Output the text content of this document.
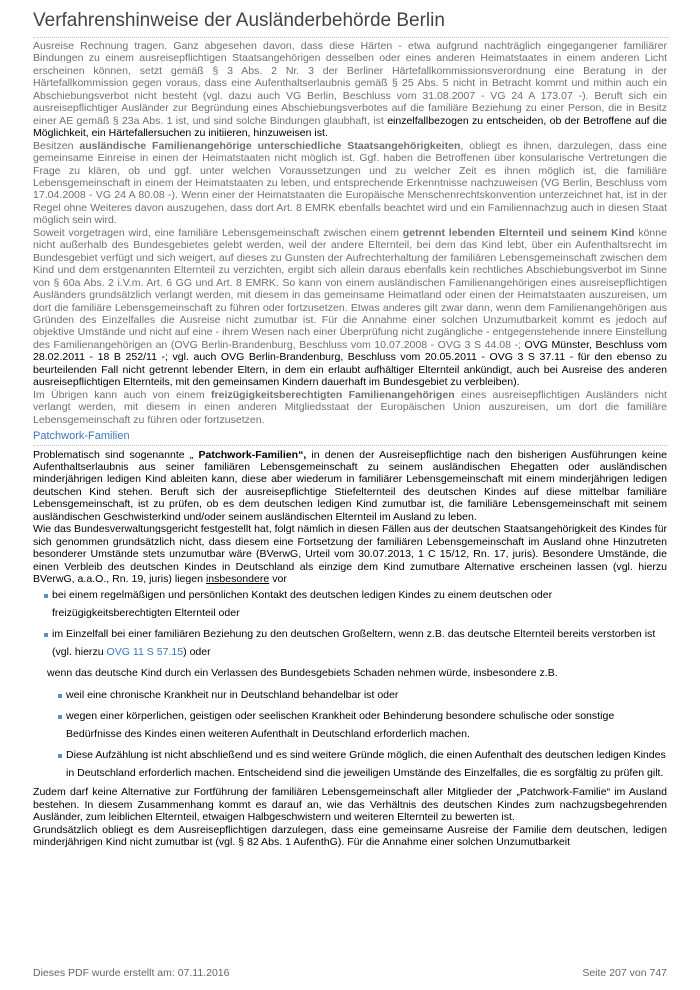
Verfahrenshinweise der Ausländerbehörde Berlin

Ausreise Rechnung tragen. Ganz abgesehen davon, dass diese Härten - etwa aufgrund nachträglich eingegangener familiärer Bindungen zu einem ausreisepflichtigen Staatsangehörigen desselben oder eines anderen Heimatstaates in einem anderen Licht erscheinen können, setzt gemäß § 3 Abs. 2 Nr. 3 der Berliner Härtefallkommissionsverordnung eine Beratung in der Härtefallkommission gegen voraus, dass eine Aufenthaltserlaubnis gemäß § 25 Abs. 5 nicht in Betracht kommt und mithin auch ein Abschiebungsverbot nicht besteht (vgl. dazu auch VG Berlin, Beschluss vom 31.08.2007 - VG 24 A 173.07 -). Beruft sich ein ausreisepflichtiger Ausländer zur Begründung eines Abschiebungsverbotes auf die familiäre Beziehung zu einer Person, die in Besitz einer AE gemäß § 23a Abs. 1 ist, und sind solche Bindungen glaubhaft, ist einzelfallbezogen zu entscheiden, ob der Betroffene auf die Möglichkeit, ein Härtefallersuchen zu initiieren, hinzuweisen ist.

Besitzen ausländische Familienangehörige unterschiedliche Staatsangehörigkeiten, obliegt es ihnen, darzulegen, dass eine gemeinsame Einreise in einen der Heimatstaaten nicht möglich ist. Ggf. haben die Betroffenen über konsularische Vertretungen die Frage zu klären, ob und ggf. unter welchen Voraussetzungen und zu welcher Zeit es ihnen möglich ist, die familiäre Lebensgemeinschaft in einem der Heimatstaaten zu leben, und entsprechende Erkenntnisse nachzuweisen (VG Berlin, Beschluss vom 17.04.2008 - VG 24 A 80.08 -). Wenn einer der Heimatstaaten die Europäische Menschenrechtskonvention unterzeichnet hat, ist in der Regel ohne Weiteres davon auszugehen, dass dort Art. 8 EMRK ebenfalls beachtet wird und ein Familiennachzug auch in diesen Staat möglich sein wird.

Soweit vorgetragen wird, eine familiäre Lebensgemeinschaft zwischen einem getrennt lebenden Elternteil und seinem Kind könne nicht außerhalb des Bundesgebietes gelebt werden, weil der andere Elternteil, bei dem das Kind lebt, über ein Aufenthaltsrecht im Bundesgebiet verfügt und sich weigert, auf dieses zu Gunsten der Aufrechterhaltung der familiären Lebensgemeinschaft zwischen dem Kind und dem erstgenannten Elternteil zu verzichten, ergibt sich allein daraus ebenfalls kein rechtliches Abschiebungsverbot im Sinne von § 60a Abs. 2 i.V.m. Art. 6 GG und Art. 8 EMRK. So kann von einem ausländischen Familienangehörigen eines ausreisepflichtigen Ausländers grundsätzlich verlangt werden, mit diesem in das gemeinsame Heimatland oder einen der Heimatstaaten auszureisen, um dort die familiäre Lebensgemeinschaft zu führen oder fortzusetzen. Etwas anderes gilt zwar dann, wenn dem Familienangehörigen aus Gründen des Einzelfalles die Ausreise nicht zumutbar ist. Für die Annahme einer solchen Unzumutbarkeit kommt es jedoch auf objektive Umstände und nicht auf eine - ihrem Wesen nach einer Überprüfung nicht zugängliche - entgegenstehende innere Einstellung des Familienangehörigen an (OVG Berlin-Brandenburg, Beschluss vom 10.07.2008 - OVG 3 S 44.08 -; OVG Münster, Beschluss vom 28.02.2011 - 18 B 252/11 -; vgl. auch OVG Berlin-Brandenburg, Beschluss vom 20.05.2011 - OVG 3 S 37.11 - für den ebenso zu beurteilenden Fall nicht getrennt lebender Eltern, in dem ein erlaubt aufhältiger Elternteil ankündigt, auch bei Ausreise des anderen ausreisepflichtigen Elternteils, mit den gemeinsamen Kindern dauerhaft im Bundesgebiet zu verbleiben).

Im Übrigen kann auch von einem freizügigkeitsberechtigten Familienangehörigen eines ausreisepflichtigen Ausländers nicht verlangt werden, mit diesem in einen anderen Mitgliedsstaat der Europäischen Union auszureisen, um dort die familiäre Lebensgemeinschaft zu führen oder fortzusetzen.

Patchwork-Familien

Problematisch sind sogenannte „ Patchwork-Familien“, in denen der Ausreisepflichtige nach den bisherigen Ausführungen keine Aufenthaltserlaubnis aus seiner familiären Lebensgemeinschaft zu seinem ausländischen Ehegatten oder ausländischen minderjährigen ledigen Kind ableiten kann, diese aber wiederum in familiärer Lebensgemeinschaft mit einem minderjährigen ledigen deutschen Kind stehen. Beruft sich der ausreisepflichtige Stiefelternteil des deutschen Kindes auf diese mittelbar familiäre Lebensgemeinschaft, ist zu prüfen, ob es dem deutschen ledigen Kind zumutbar ist, die familiäre Lebensgemeinschaft mit seinem ausländischen Geschwisterkind und/oder seinem ausländischen Elternteil im Ausland zu leben.

Wie das Bundesverwaltungsgericht festgestellt hat, folgt nämlich in diesen Fällen aus der deutschen Staatsangehörigkeit des Kindes für sich genommen grundsätzlich nicht, dass diesem eine Fortsetzung der familiären Lebensgemeinschaft im Ausland ohne Hinzutreten besonderer Umstände stets unzumutbar wäre (BVerwG, Urteil vom 30.07.2013, 1 C 15/12, Rn. 17, juris). Besondere Umstände, die einen Verbleib des deutschen Kindes in Deutschland als einzige dem Kind zumutbare Alternative erscheinen lassen (vgl. hierzu BVerwG, a.a.O., Rn. 19, juris) liegen insbesondere vor

bei einem regelmäßigen und persönlichen Kontakt des deutschen ledigen Kindes zu einem deutschen oder freizügigkeitsberechtigten Elternteil oder
im Einzelfall bei einer familiären Beziehung zu den deutschen Großeltern, wenn z.B. das deutsche Elternteil bereits verstorben ist (vgl. hierzu OVG 11 S 57.15) oder
wenn das deutsche Kind durch ein Verlassen des Bundesgebiets Schaden nehmen würde, insbesondere z.B.
weil eine chronische Krankheit nur in Deutschland behandelbar ist oder
wegen einer körperlichen, geistigen oder seelischen Krankheit oder Behinderung besondere schulische oder sonstige Bedürfnisse des Kindes einen weiteren Aufenthalt in Deutschland erforderlich machen.
Diese Aufzählung ist nicht abschließend und es sind weitere Gründe möglich, die einen Aufenthalt des deutschen ledigen Kindes in Deutschland erforderlich machen. Entscheidend sind die jeweiligen Umstände des Einzelfalles, die es sorgfältig zu prüfen gilt.

Zudem darf keine Alternative zur Fortführung der familiären Lebensgemeinschaft aller Mitglieder der „Patchwork-Familie“ im Ausland bestehen. In diesem Zusammenhang kommt es darauf an, wie das Verhältnis des deutschen Kindes zum nachzugsbegehrenden Ausländer, zum leiblichen Elternteil, etwaigen Halbgeschwistern und weiteren Elternteil zu bewerten ist.

Grundsätzlich obliegt es dem Ausreisepflichtigen darzulegen, dass eine gemeinsame Ausreise der Familie dem deutschen, ledigen minderjährigen Kind nicht zumutbar ist (vgl. § 82 Abs. 1 AufenthG). Für die Annahme einer solchen Unzumutbarkeit

Dieses PDF wurde erstellt am: 07.11.2016	Seite 207 von 747
